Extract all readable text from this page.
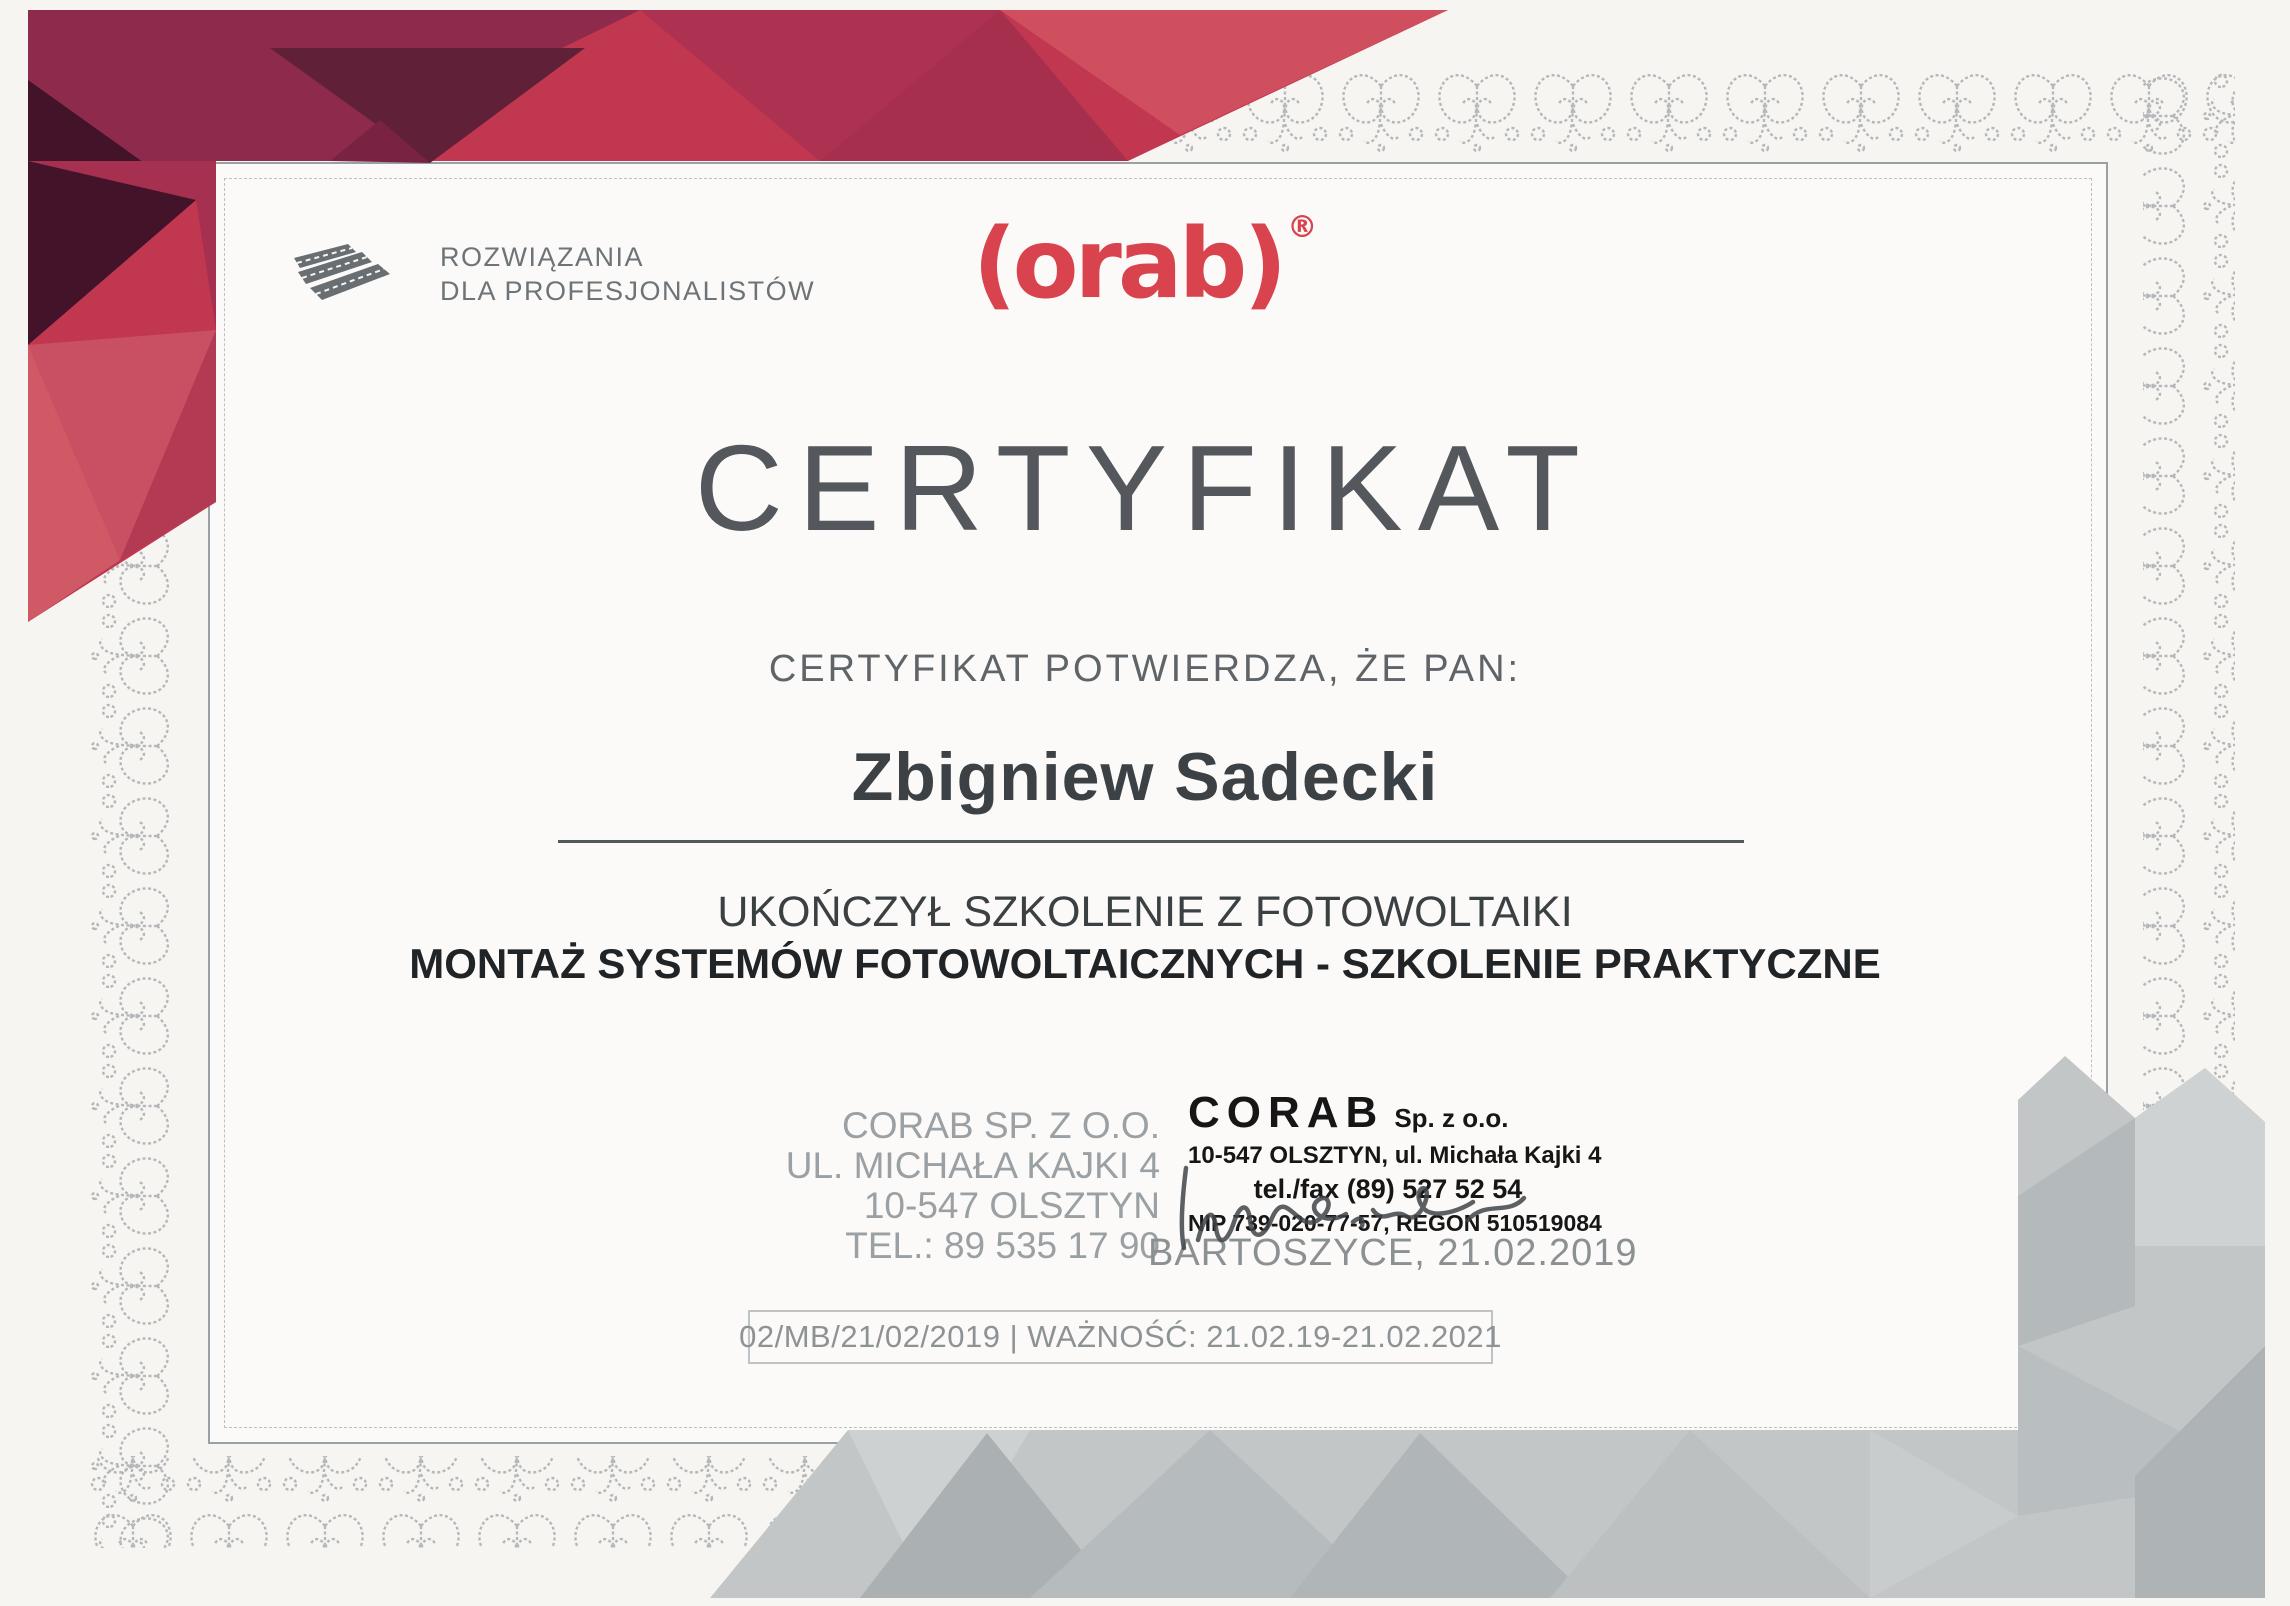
ROZWIĄZANIA
DLA PROFESJONALISTÓW (orab) ®
CERTYFIKAT
CERTYFIKAT POTWIERDZA, ŻE PAN:
Zbigniew Sadecki
UKOŃCZYŁ SZKOLENIE Z FOTOWOLTAIKI
MONTAŻ SYSTEMÓW FOTOWOLTAICZNYCH - SZKOLENIE PRAKTYCZNE
CORAB SP. Z O.O.
UL. MICHAŁA KAJKI 4
10-547 OLSZTYN
TEL.: 89 535 17 90
CORAB Sp. z o.o.
10-547 OLSZTYN, ul. Michała Kajki 4
tel./fax (89) 527 52 54
NIP 739-020-77-57, REGON 510519084
BARTOSZYCE, 21.02.2019
02/MB/21/02/2019 | WAŻNOŚĆ: 21.02.19-21.02.2021
